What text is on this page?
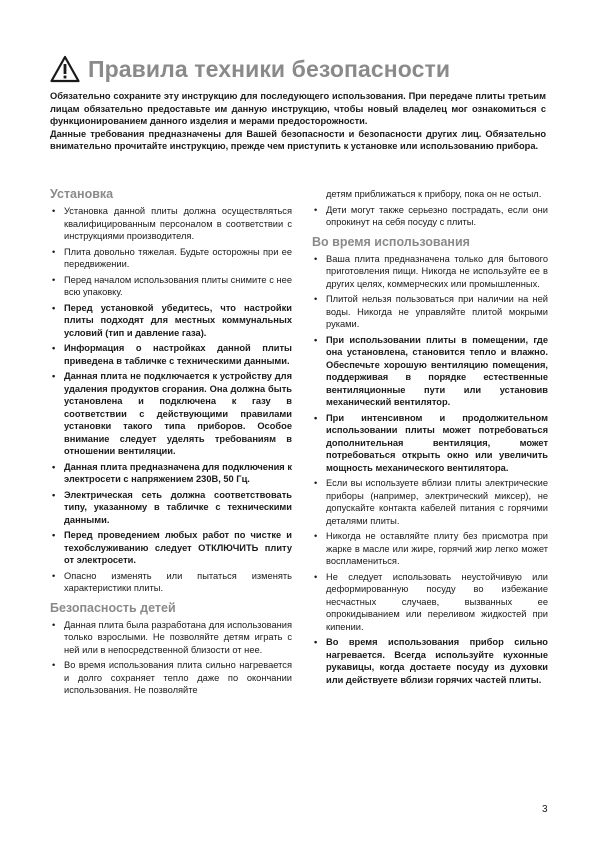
Правила техники безопасности

Обязательно сохраните эту инструкцию для последующего использования. При передаче плиты третьим лицам обязательно предоставьте им данную инструкцию, чтобы новый владелец мог ознакомиться с функционированием данного изделия и мерами предосторожности.

Данные требования предназначены для Вашей безопасности и безопасности других лиц. Обязательно внимательно прочитайте инструкцию, прежде чем приступить к установке или использованию прибора.

Установка
• Установка данной плиты должна осуществляться квалифицированным персоналом в соответствии с инструкциями производителя.
• Плита довольно тяжелая. Будьте осторожны при ее передвижении.
• Перед началом использования плиты снимите с нее всю упаковку.
• Перед установкой убедитесь, что настройки плиты подходят для местных коммунальных условий (тип и давление газа).
• Информация о настройках данной плиты приведена в табличке с техническими данными.
• Данная плита не подключается к устройству для удаления продуктов сгорания. Она должна быть установлена и подключена к газу в соответствии с действующими правилами установки такого типа приборов. Особое внимание следует уделять требованиям в отношении вентиляции.
• Данная плита предназначена для подключения к электросети с напряжением 230В, 50 Гц.
• Электрическая сеть должна соответствовать типу, указанному в табличке с техническими данными.
• Перед проведением любых работ по чистке и техобслуживанию следует ОТКЛЮЧИТЬ плиту от электросети.
• Опасно изменять или пытаться изменять характеристики плиты.
Безопасность детей
• Данная плита была разработана для использования только взрослыми. Не позволяйте детям играть с ней или в непосредственной близости от нее.
• Во время использования плита сильно нагревается и долго сохраняет тепло даже по окончании использования. Не позволяйте
детям приближаться к прибору, пока он не остыл.
• Дети могут также серьезно пострадать, если они опрокинут на себя посуду с плиты.
Во время использования
• Ваша плита предназначена только для бытового приготовления пищи. Никогда не используйте ее в других целях, коммерческих или промышленных.
• Плитой нельзя пользоваться при наличии на ней воды. Никогда не управляйте плитой мокрыми руками.
• При использовании плиты в помещении, где она установлена, становится тепло и влажно. Обеспечьте хорошую вентиляцию помещения, поддерживая в порядке естественные вентиляционные пути или установив механический вентилятор.
• При интенсивном и продолжительном использовании плиты может потребоваться дополнительная вентиляция, может потребоваться открыть окно или увеличить мощность механического вентилятора.
• Если вы используете вблизи плиты электрические приборы (например, электрический миксер), не допускайте контакта кабелей питания с горячими деталями плиты.
• Никогда не оставляйте плиту без присмотра при жарке в масле или жире, горячий жир легко может воспламениться.
• Не следует использовать неустойчивую или деформированную посуду во избежание несчастных случаев, вызванных ее опрокидыванием или переливом жидкостей при кипении.
• Во время использования прибор сильно нагревается. Всегда используйте кухонные рукавицы, когда достаете посуду из духовки или действуете вблизи горячих частей плиты.
3
